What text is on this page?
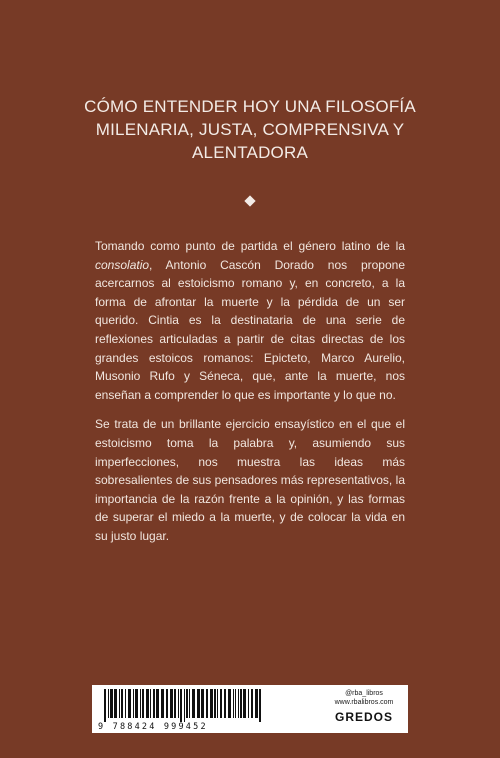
CÓMO ENTENDER HOY UNA FILOSOFÍA
MILENARIA, JUSTA, COMPRENSIVA Y
ALENTADORA

Tomando como punto de partida el género latino de la consolatio, Antonio Cascón Dorado nos propone acercarnos al estoicismo romano y, en concreto, a la forma de afrontar la muerte y la pérdida de un ser querido. Cintia es la destinataria de una serie de reflexiones articuladas a partir de citas directas de los grandes estoicos romanos: Epicteto, Marco Aurelio, Musonio Rufo y Séneca, que, ante la muerte, nos enseñan a comprender lo que es importante y lo que no.

Se trata de un brillante ejercicio ensayístico en el que el estoicismo toma la palabra y, asumiendo sus imperfecciones, nos muestra las ideas más sobresalientes de sus pensadores más representativos, la importancia de la razón frente a la opinión, y las formas de superar el miedo a la muerte, y de colocar la vida en su justo lugar.

9 788424 999452
@rba_libros
www.rbalibros.com
GREDOS
